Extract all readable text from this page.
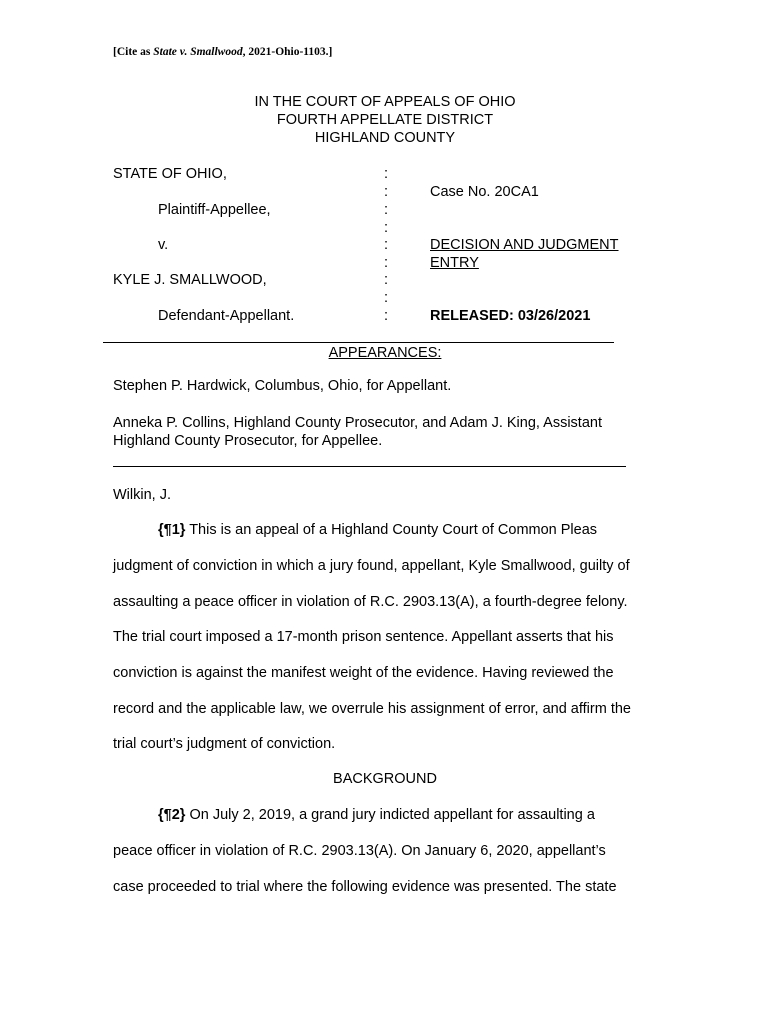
[Cite as State v. Smallwood, 2021-Ohio-1103.]
IN THE COURT OF APPEALS OF OHIO
FOURTH APPELLATE DISTRICT
HIGHLAND COUNTY
STATE OF OHIO,
Plaintiff-Appellee,
v.
KYLE J. SMALLWOOD,
Defendant-Appellant.
:
:
:
:
:
:
:
:
:
Case No. 20CA1
DECISION AND JUDGMENT
ENTRY
RELEASED: 03/26/2021
APPEARANCES:
Stephen P. Hardwick, Columbus, Ohio, for Appellant.
Anneka P. Collins, Highland County Prosecutor, and Adam J. King, Assistant
Highland County Prosecutor, for Appellee.
Wilkin, J.
{¶1} This is an appeal of a Highland County Court of Common Pleas
judgment of conviction in which a jury found, appellant, Kyle Smallwood, guilty of
assaulting a peace officer in violation of R.C. 2903.13(A), a fourth-degree felony.
The trial court imposed a 17-month prison sentence. Appellant asserts that his
conviction is against the manifest weight of the evidence. Having reviewed the
record and the applicable law, we overrule his assignment of error, and affirm the
trial court’s judgment of conviction.
BACKGROUND
{¶2} On July 2, 2019, a grand jury indicted appellant for assaulting a
peace officer in violation of R.C. 2903.13(A). On January 6, 2020, appellant’s
case proceeded to trial where the following evidence was presented. The state
